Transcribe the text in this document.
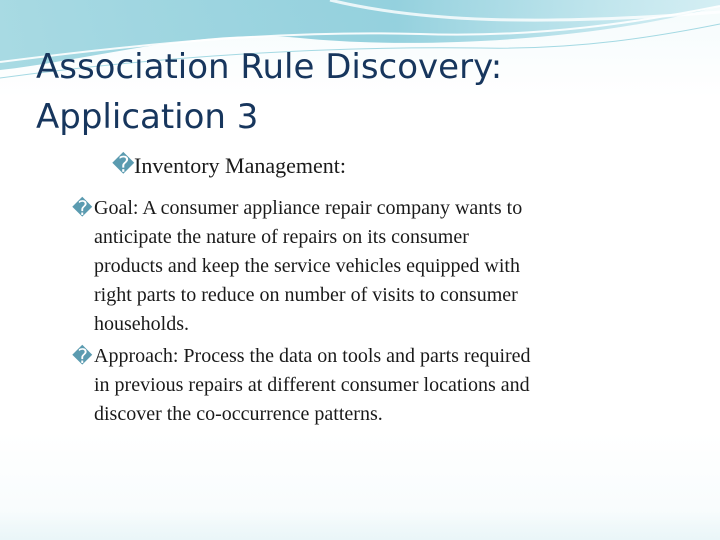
Association Rule Discovery:
Application 3
� Inventory Management:
� Goal: A consumer appliance repair company wants to
anticipate the nature of repairs on its consumer
products and keep the service vehicles equipped with
right parts to reduce on number of visits to consumer
households.
� Approach: Process the data on tools and parts required
in previous repairs at different consumer locations and
discover the co-occurrence patterns.
